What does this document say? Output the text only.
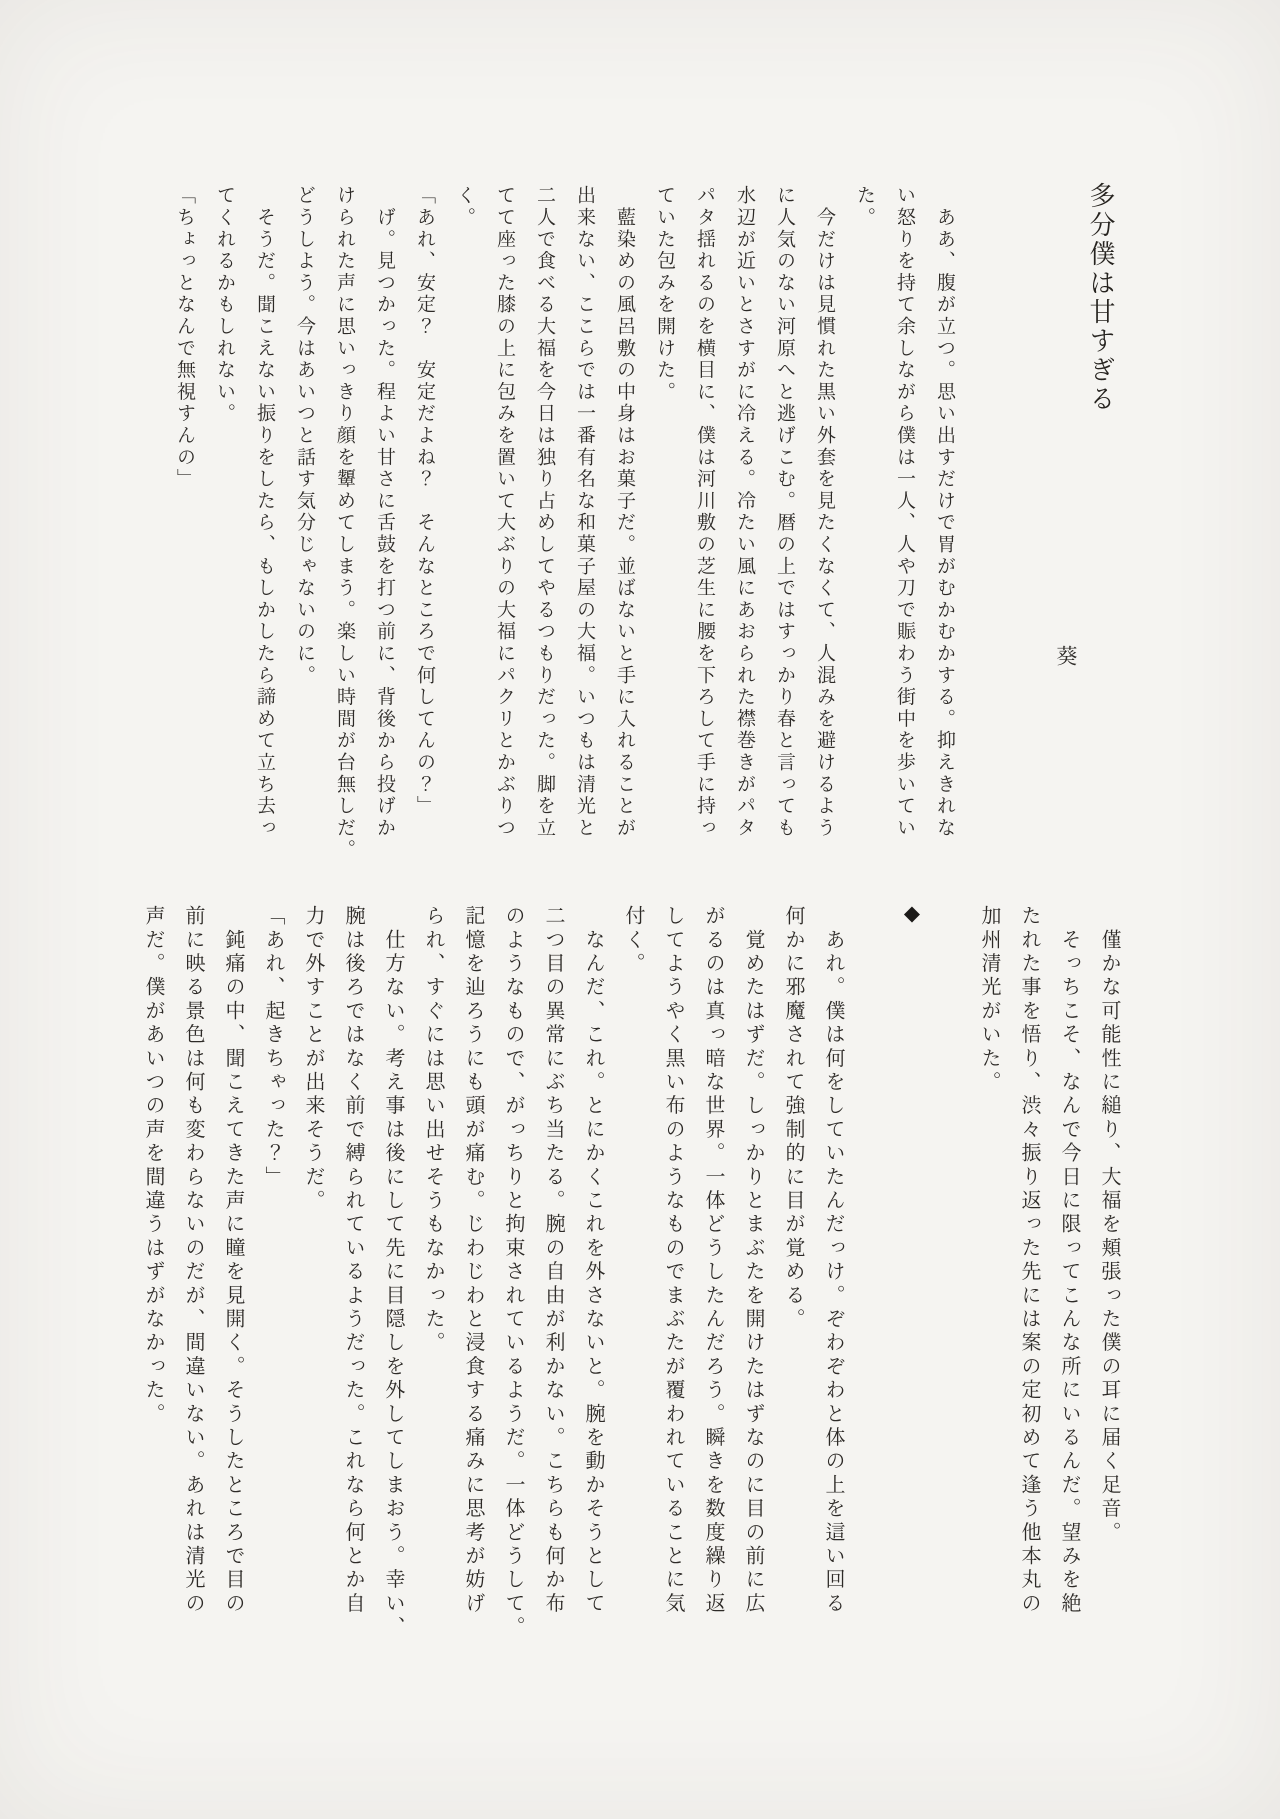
多分僕は甘すぎる
葵
　ああ、腹が立つ。思い出すだけで胃がむかむかする。抑えきれな
い怒りを持て余しながら僕は一人、人や刀で賑わう街中を歩いてい
た。
　今だけは見慣れた黒い外套を見たくなくて、人混みを避けるよう
に人気のない河原へと逃げこむ。暦の上ではすっかり春と言っても
水辺が近いとさすがに冷える。冷たい風にあおられた襟巻きがパタ
パタ揺れるのを横目に、僕は河川敷の芝生に腰を下ろして手に持っ
ていた包みを開けた。
　藍染めの風呂敷の中身はお菓子だ。並ばないと手に入れることが
出来ない、ここらでは一番有名な和菓子屋の大福。いつもは清光と
二人で食べる大福を今日は独り占めしてやるつもりだった。脚を立
てて座った膝の上に包みを置いて大ぶりの大福にパクリとかぶりつ
く。
「あれ、安定？　安定だよね？　そんなところで何してんの？」
　げ。見つかった。程よい甘さに舌鼓を打つ前に、背後から投げか
けられた声に思いっきり顔を顰めてしまう。楽しい時間が台無しだ。
どうしよう。今はあいつと話す気分じゃないのに。
　そうだ。聞こえない振りをしたら、もしかしたら諦めて立ち去っ
てくれるかもしれない。
「ちょっとなんで無視すんの」
　僅かな可能性に縋り、大福を頬張った僕の耳に届く足音。
　そっちこそ、なんで今日に限ってこんな所にいるんだ。望みを絶
たれた事を悟り、渋々振り返った先には案の定初めて逢う他本丸の
加州清光がいた。
◆
　あれ。僕は何をしていたんだっけ。ぞわぞわと体の上を這い回る
何かに邪魔されて強制的に目が覚める。
　覚めたはずだ。しっかりとまぶたを開けたはずなのに目の前に広
がるのは真っ暗な世界。一体どうしたんだろう。瞬きを数度繰り返
してようやく黒い布のようなものでまぶたが覆われていることに気
付く。
　なんだ、これ。とにかくこれを外さないと。腕を動かそうとして
二つ目の異常にぶち当たる。腕の自由が利かない。こちらも何か布
のようなもので、がっちりと拘束されているようだ。一体どうして。
記憶を辿ろうにも頭が痛む。じわじわと浸食する痛みに思考が妨げ
られ、すぐには思い出せそうもなかった。
　仕方ない。考え事は後にして先に目隠しを外してしまおう。幸い、
腕は後ろではなく前で縛られているようだった。これなら何とか自
力で外すことが出来そうだ。
「あれ、起きちゃった？」
　鈍痛の中、聞こえてきた声に瞳を見開く。そうしたところで目の
前に映る景色は何も変わらないのだが、間違いない。あれは清光の
声だ。僕があいつの声を間違うはずがなかった。
